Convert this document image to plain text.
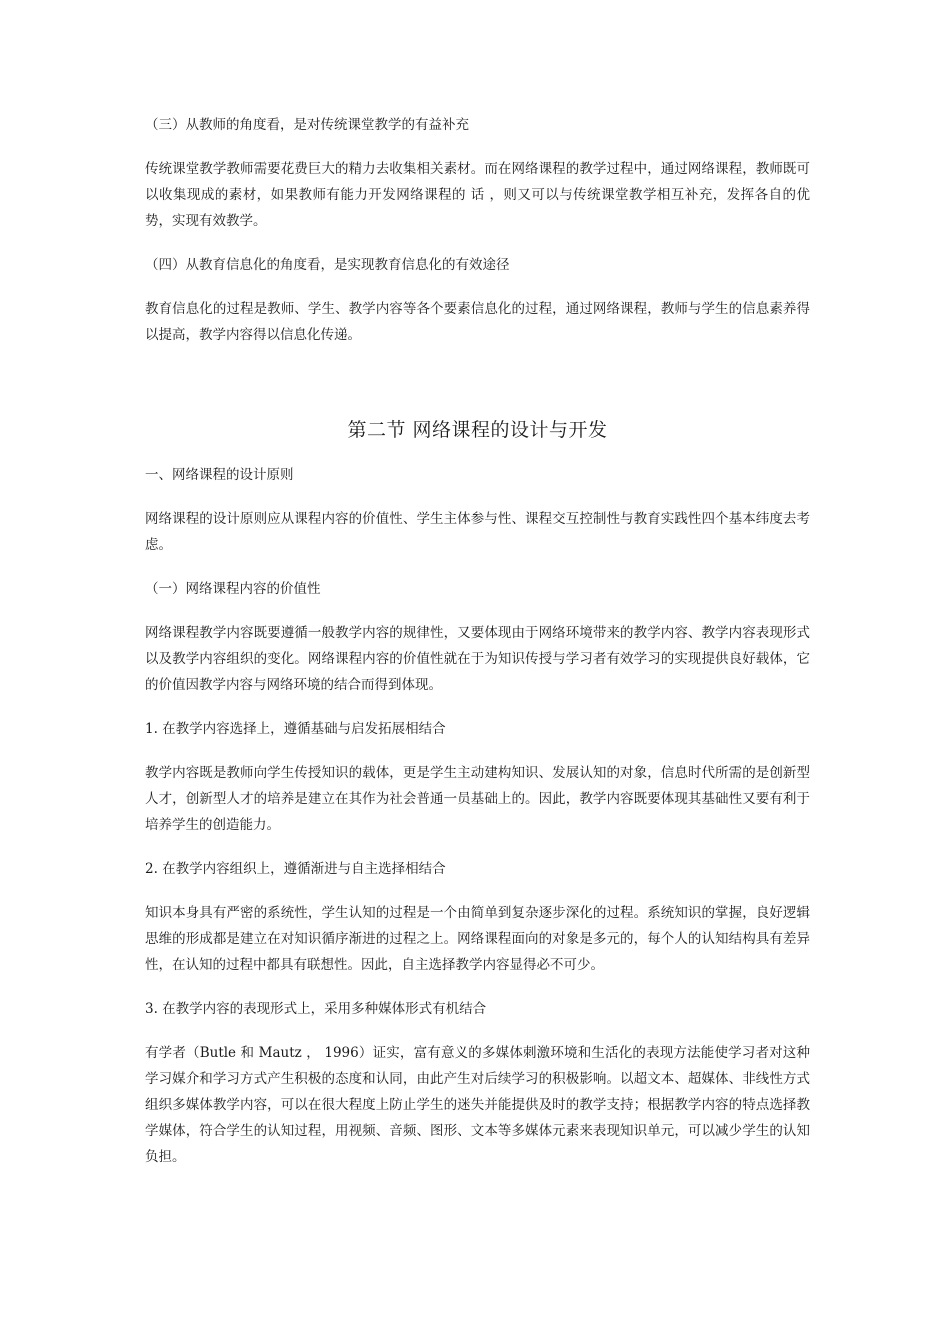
（三）从教师的角度看，是对传统课堂教学的有益补充

传统课堂教学教师需要花费巨大的精力去收集相关素材。而在网络课程的教学过程中，通过网络课程，教师既可以收集现成的素材，如果教师有能力开发网络课程的 话 ，则又可以与传统课堂教学相互补充，发挥各自的优势，实现有效教学。

（四）从教育信息化的角度看，是实现教育信息化的有效途径

教育信息化的过程是教师、学生、教学内容等各个要素信息化的过程，通过网络课程，教师与学生的信息素养得以提高，教学内容得以信息化传递。

第二节 网络课程的设计与开发

一、网络课程的设计原则

网络课程的设计原则应从课程内容的价值性、学生主体参与性、课程交互控制性与教育实践性四个基本纬度去考虑。

（一）网络课程内容的价值性

网络课程教学内容既要遵循一般教学内容的规律性，又要体现由于网络环境带来的教学内容、教学内容表现形式以及教学内容组织的变化。网络课程内容的价值性就在于为知识传授与学习者有效学习的实现提供良好载体，它的价值因教学内容与网络环境的结合而得到体现。

1. 在教学内容选择上，遵循基础与启发拓展相结合

教学内容既是教师向学生传授知识的载体，更是学生主动建构知识、发展认知的对象，信息时代所需的是创新型人才，创新型人才的培养是建立在其作为社会普通一员基础上的。因此，教学内容既要体现其基础性又要有利于培养学生的创造能力。

2. 在教学内容组织上，遵循渐进与自主选择相结合

知识本身具有严密的系统性，学生认知的过程是一个由简单到复杂逐步深化的过程。系统知识的掌握，良好逻辑思维的形成都是建立在对知识循序渐进的过程之上。网络课程面向的对象是多元的，每个人的认知结构具有差异性，在认知的过程中都具有联想性。因此，自主选择教学内容显得必不可少。

3. 在教学内容的表现形式上，采用多种媒体形式有机结合

有学者（Butle 和 Mautz ， 1996）证实，富有意义的多媒体刺激环境和生活化的表现方法能使学习者对这种学习媒介和学习方式产生积极的态度和认同，由此产生对后续学习的积极影响。以超文本、超媒体、非线性方式组织多媒体教学内容，可以在很大程度上防止学生的迷失并能提供及时的教学支持；根据教学内容的特点选择教学媒体，符合学生的认知过程，用视频、音频、图形、文本等多媒体元素来表现知识单元，可以减少学生的认知负担。
